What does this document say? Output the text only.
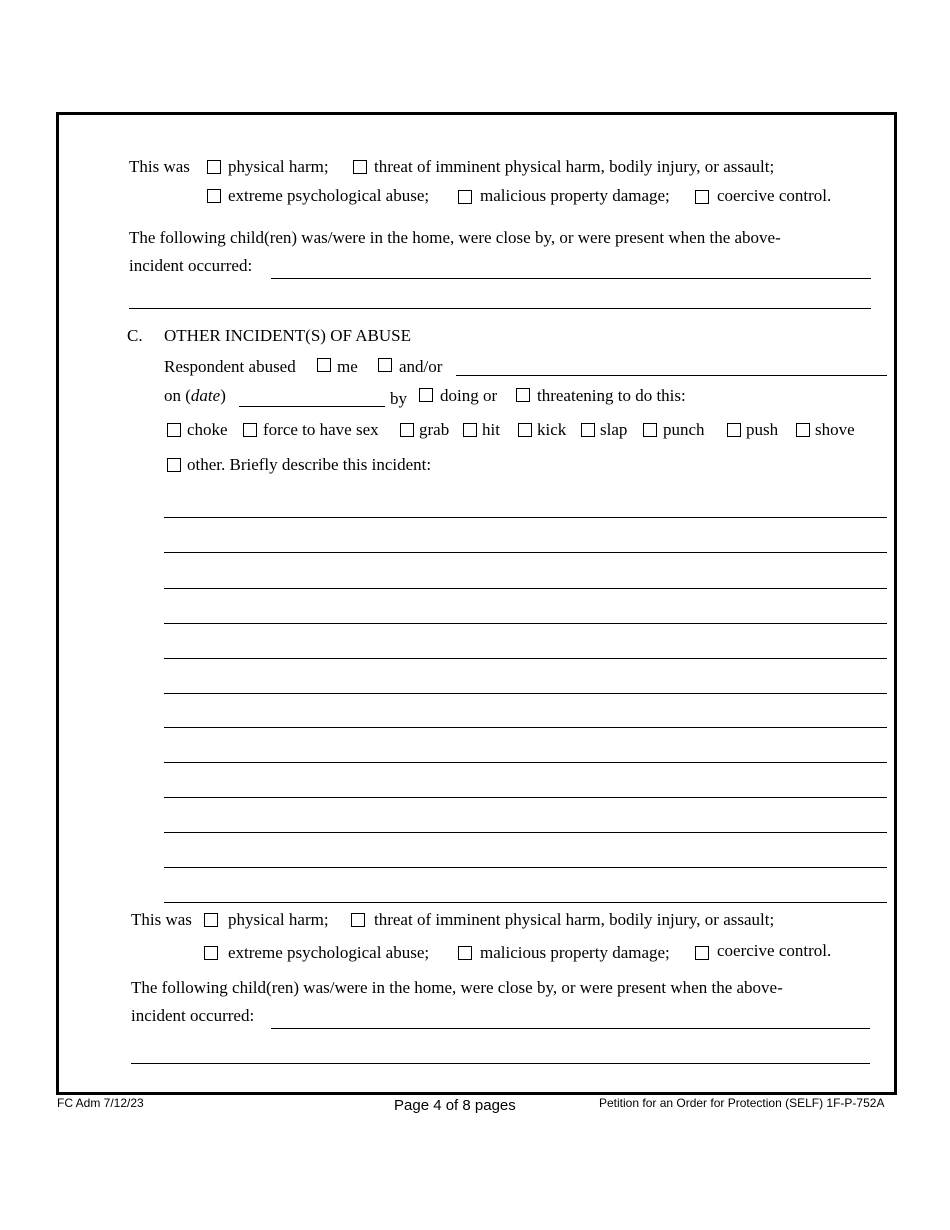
This was physical harm;	threat of imminent physical harm, bodily injury, or assault;
extreme psychological abuse;	malicious property damage;	coercive control.
The following child(ren) was/were in the home, were close by, or were present when the above-
incident occurred:
C. OTHER INCIDENT(S) OF ABUSE
Respondent abused me and/or
on (date)	by doing or threatening to do this:
choke force to have sex grab hit kick slap punch push shove
other. Briefly describe this incident:
This was physical harm;	threat of imminent physical harm, bodily injury, or assault;
extreme psychological abuse;	malicious property damage;	coercive control.
The following child(ren) was/were in the home, were close by, or were present when the above-
incident occurred:
FC Adm 7/12/23	Page 4 of 8 pages	Petition for an Order for Protection (SELF) 1F-P-752A
